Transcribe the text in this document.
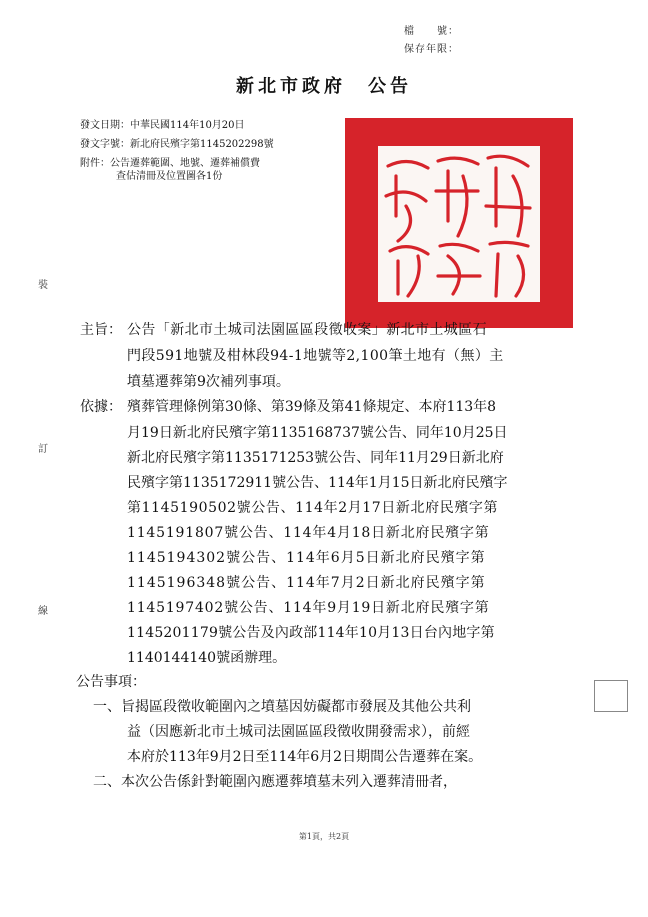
檔　　號：
保存年限：
新北市政府 公告
發文日期：中華民國114年10月20日
發文字號：新北府民殯字第1145202298號
附件：公告遷葬範圍、地號、遷葬補償費
查估清冊及位置圖各1份
裝
訂
線
主旨： 公告「新北市土城司法園區區段徵收案」新北市土城區石
門段591地號及柑林段94-1地號等2,100筆土地有（無）主
墳墓遷葬第9次補列事項。
依據： 殯葬管理條例第30條、第39條及第41條規定、本府113年8
月19日新北府民殯字第1135168737號公告、同年10月25日
新北府民殯字第1135171253號公告、同年11月29日新北府
民殯字第1135172911號公告、114年1月15日新北府民殯字
第1145190502號公告、114年2月17日新北府民殯字第
1145191807號公告、114年4月18日新北府民殯字第
1145194302號公告、114年6月5日新北府民殯字第
1145196348號公告、114年7月2日新北府民殯字第
1145197402號公告、114年9月19日新北府民殯字第
1145201179號公告及內政部114年10月13日台內地字第
1140144140號函辦理。
公告事項：
一、旨揭區段徵收範圍內之墳墓因妨礙都市發展及其他公共利
益（因應新北市土城司法園區區段徵收開發需求），前經
本府於113年9月2日至114年6月2日期間公告遷葬在案。
二、本次公告係針對範圍內應遷葬墳墓未列入遷葬清冊者，
第1頁，共2頁
